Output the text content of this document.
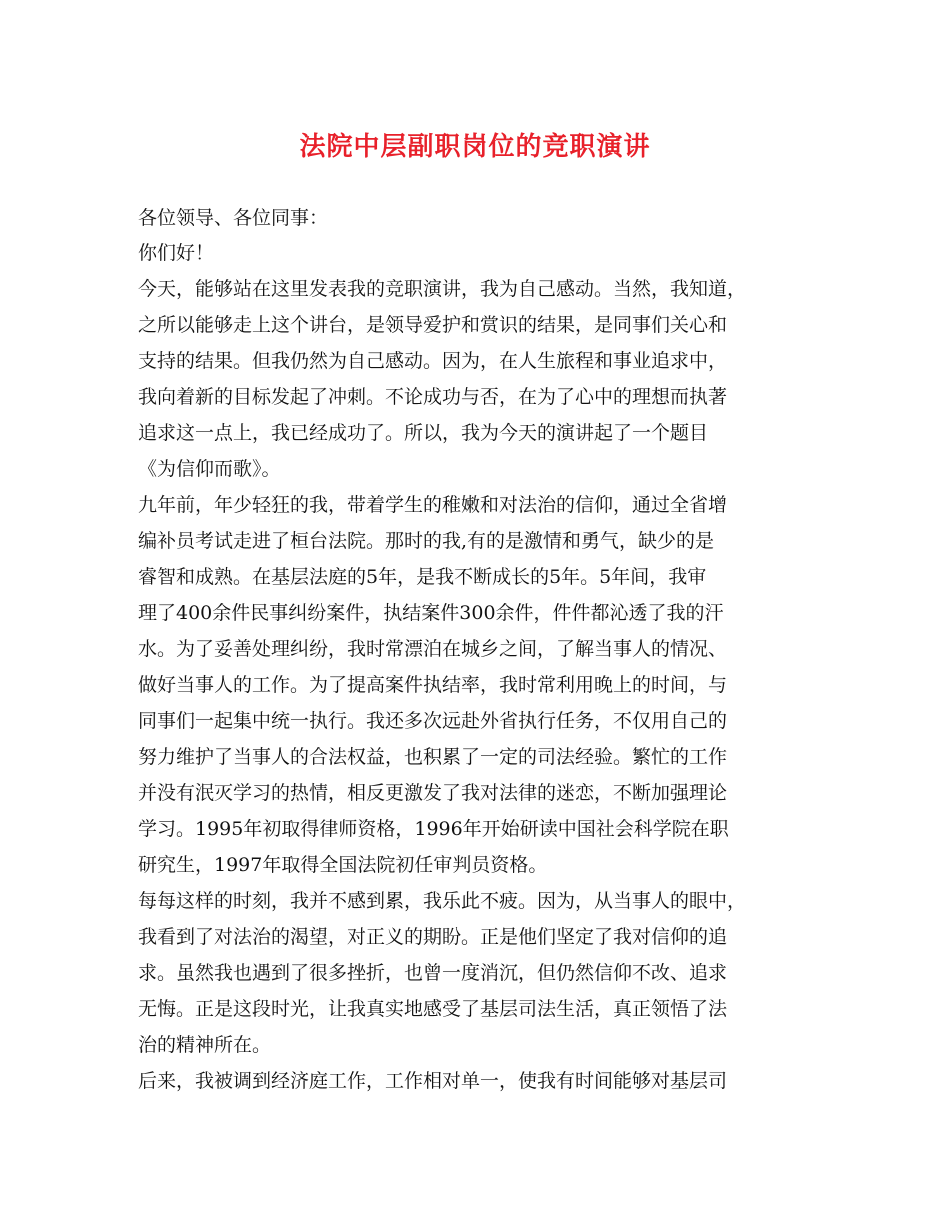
法院中层副职岗位的竞职演讲
各位领导、各位同事：
你们好！
今天，能够站在这里发表我的竞职演讲，我为自己感动。当然，我知道，
之所以能够走上这个讲台，是领导爱护和赏识的结果，是同事们关心和
支持的结果。但我仍然为自己感动。因为，在人生旅程和事业追求中，
我向着新的目标发起了冲刺。不论成功与否，在为了心中的理想而执著
追求这一点上，我已经成功了。所以，我为今天的演讲起了一个题目
《为信仰而歌》。
九年前，年少轻狂的我，带着学生的稚嫩和对法治的信仰，通过全省增
编补员考试走进了桓台法院。那时的我,有的是激情和勇气，缺少的是
睿智和成熟。在基层法庭的5年，是我不断成长的5年。5年间，我审
理了400余件民事纠纷案件，执结案件300余件，件件都沁透了我的汗
水。为了妥善处理纠纷，我时常漂泊在城乡之间，了解当事人的情况、
做好当事人的工作。为了提高案件执结率，我时常利用晚上的时间，与
同事们一起集中统一执行。我还多次远赴外省执行任务，不仅用自己的
努力维护了当事人的合法权益，也积累了一定的司法经验。繁忙的工作
并没有泯灭学习的热情，相反更激发了我对法律的迷恋，不断加强理论
学习。1995年初取得律师资格，1996年开始研读中国社会科学院在职
研究生，1997年取得全国法院初任审判员资格。
每每这样的时刻，我并不感到累，我乐此不疲。因为，从当事人的眼中，
我看到了对法治的渴望，对正义的期盼。正是他们坚定了我对信仰的追
求。虽然我也遇到了很多挫折，也曾一度消沉，但仍然信仰不改、追求
无悔。正是这段时光，让我真实地感受了基层司法生活，真正领悟了法
治的精神所在。
后来，我被调到经济庭工作，工作相对单一，使我有时间能够对基层司
